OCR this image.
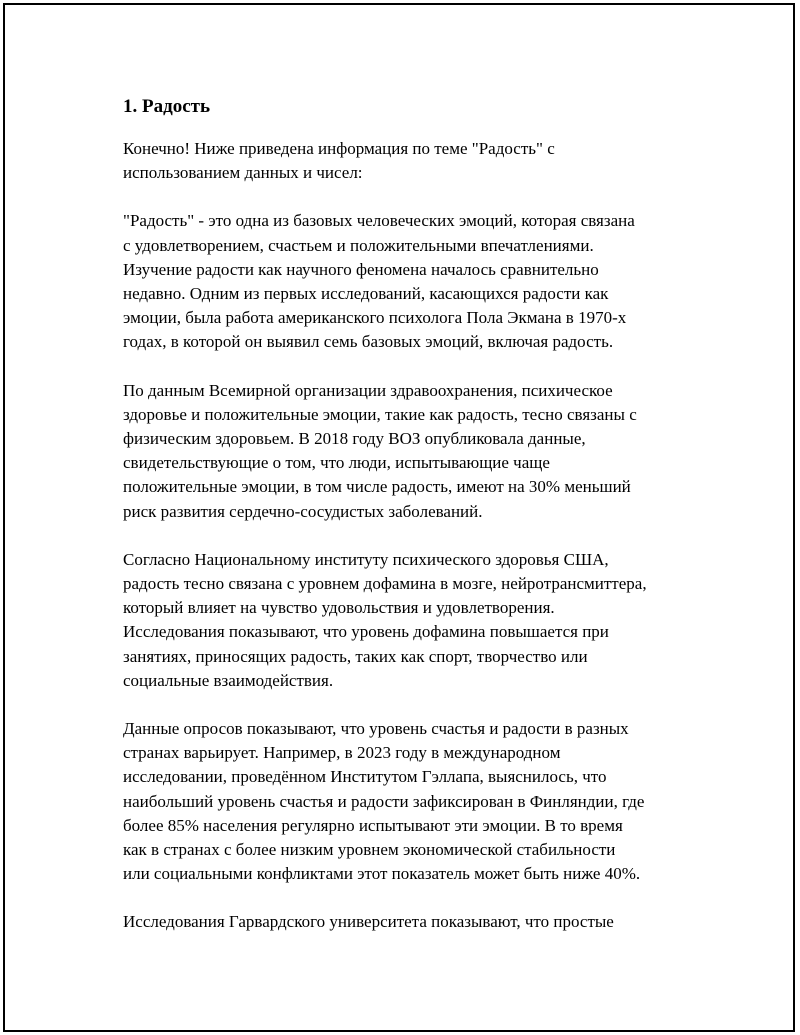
1. Радость
Конечно! Ниже приведена информация по теме "Радость" с
использованием данных и чисел:
"Радость" - это одна из базовых человеческих эмоций, которая связана
с удовлетворением, счастьем и положительными впечатлениями.
Изучение радости как научного феномена началось сравнительно
недавно. Одним из первых исследований, касающихся радости как
эмоции, была работа американского психолога Пола Экмана в 1970-х
годах, в которой он выявил семь базовых эмоций, включая радость.
По данным Всемирной организации здравоохранения, психическое
здоровье и положительные эмоции, такие как радость, тесно связаны с
физическим здоровьем. В 2018 году ВОЗ опубликовала данные,
свидетельствующие о том, что люди, испытывающие чаще
положительные эмоции, в том числе радость, имеют на 30% меньший
риск развития сердечно-сосудистых заболеваний.
Согласно Национальному институту психического здоровья США,
радость тесно связана с уровнем дофамина в мозге, нейротрансмиттера,
который влияет на чувство удовольствия и удовлетворения.
Исследования показывают, что уровень дофамина повышается при
занятиях, приносящих радость, таких как спорт, творчество или
социальные взаимодействия.
Данные опросов показывают, что уровень счастья и радости в разных
странах варьирует. Например, в 2023 году в международном
исследовании, проведённом Институтом Гэллапа, выяснилось, что
наибольший уровень счастья и радости зафиксирован в Финляндии, где
более 85% населения регулярно испытывают эти эмоции. В то время
как в странах с более низким уровнем экономической стабильности
или социальными конфликтами этот показатель может быть ниже 40%.
Исследования Гарвардского университета показывают, что простые
